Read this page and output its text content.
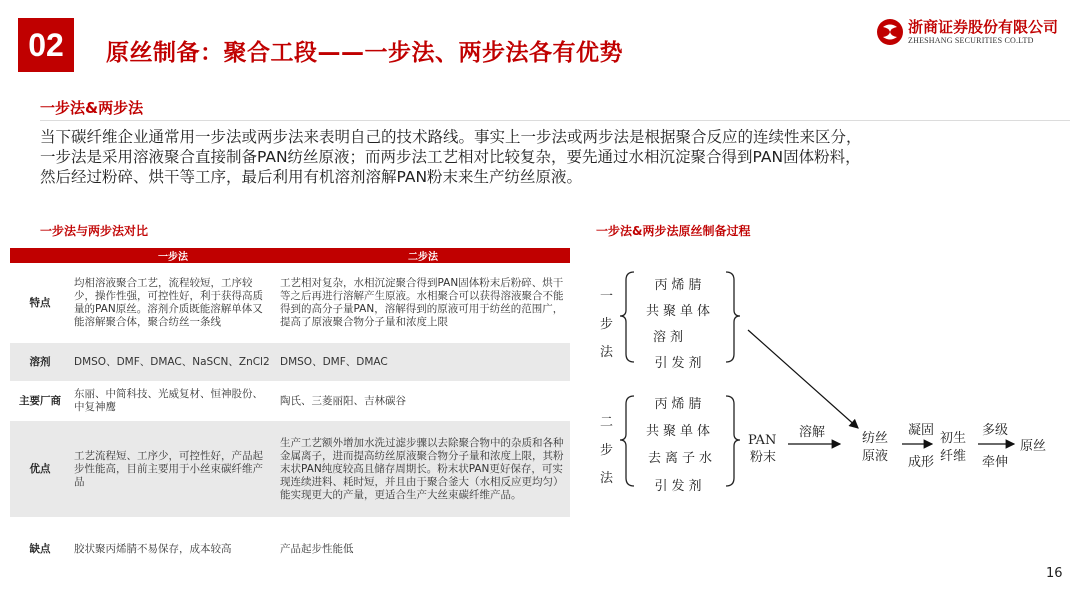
02	原丝制备：聚合工段——一步法、两步法各有优势
浙商证券股份有限公司
ZHESHANG SECURITIES CO.LTD
一步法&两步法

当下碳纤维企业通常用一步法或两步法来表明自己的技术路线。事实上一步法或两步法是根据聚合反应的连续性来区分，

一步法是采用溶液聚合直接制备PAN纺丝原液；而两步法工艺相对比较复杂，要先通过水相沉淀聚合得到PAN固体粉料，

然后经过粉碎、烘干等工序，最后利用有机溶剂溶解PAN粉末来生产纺丝原液。

一步法与两步法对比
	一步法	二步法
特点	均相溶液聚合工艺，流程较短，工序较少，操作性强，可控性好，利于获得高质量的PAN原丝。溶剂介质既能溶解单体又能溶解聚合体，聚合纺丝一条线	工艺相对复杂，水相沉淀聚合得到PAN固体粉末后粉碎、烘干等之后再进行溶解产生原液。水相聚合可以获得溶液聚合不能得到的高分子量PAN，溶解得到的原液可用于纺丝的范围广，提高了原液聚合物分子量和浓度上限
溶剂	DMSO、DMF、DMAC、NaSCN、ZnCl2	DMSO、DMF、DMAC
主要厂商	东丽、中简科技、光威复材、恒神股份、中复神鹰	陶氏、三菱丽阳、吉林碳谷
优点	工艺流程短、工序少，可控性好，产品起步性能高，目前主要用于小丝束碳纤维产品	生产工艺额外增加水洗过滤步骤以去除聚合物中的杂质和各种金属离子，进而提高纺丝原液聚合物分子量和浓度上限，其粉末状PAN纯度较高且储存周期长。粉末状PAN更好保存，可实现连续进料、耗时短，并且由于聚合釜大（水相反应更均匀）能实现更大的产量，更适合生产大丝束碳纤维产品。
缺点	胶状聚丙烯腈不易保存，成本较高	产品起步性能低
一步法&两步法原丝制备过程
一
步
法
丙烯腈
共聚单体
溶剂
引发剂
二
步
法
丙烯腈
共聚单体
去离子水
引发剂
PAN
粉末
溶解	纺丝
原液
凝固
成形
初生
纤维
多级
牵伸
原丝
16
